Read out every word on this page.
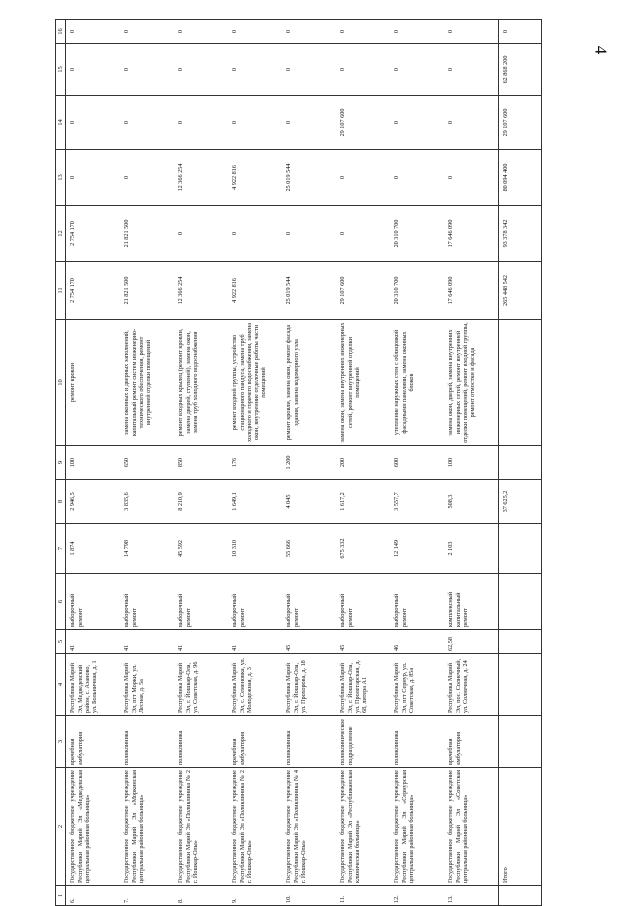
4
1	2	3	4	5	6	7	8	9	10	11	12	13	14	15	16
6.	Государственное бюджетное учреждение Республики Марий Эл «Медведевская центральная районная больница»	врачебная амбулатория	Республика Марий Эл, Медведевский район, с. Азаново, ул. Больничная, д. 1	41	выборочный ремонт	1 874	2 946,5	100	ремонт кровли	2 754 170	2 754 170	0	0	0	0
7.	Государственное бюджетное учреждение Республики Марий Эл «Моркинская центральная районная больница»	поликлиника	Республика Марий Эл, пгт Морки, ул. Лесная, д. 5а	41	выборочный ремонт	14 798	3 835,6	650	замена оконных и дверных заполнений, капитальный ремонт систем инженерно-технического обеспечения, ремонт внутренней отделки помещений	21 821 500	21 821 500	0	0	0	0
8.	Государственное бюджетное учреждение Республики Марий Эл «Поликлиника № 2 г. Йошкар-Олы»	поликлиника	Республика Марий Эл, г. Йошкар-Ола, ул. Советская, д. 96	41	выборочный ремонт	45 592	8 210,9	850	ремонт входных крылец (ремонт кровли, замена дверей, ступеней), замена окон, замена труб холодного водоснабжения	12 366 254	0	12 366 254	0	0	0
9.	Государственное бюджетное учреждение Республики Марий Эл «Поликлиника № 2 г. Йошкар-Олы»	врачебная амбулатория	Республика Марий Эл, с. Семеновка, ул. Молодежная, д. 3	41	выборочный ремонт	10 310	1 649,1	176	ремонт входной группы, устройство стационарного пандуса, замена труб холодного и горячего водоснабжения, замена окон, внутренние отделочные работы части помещений	4 922 816	0	4 922 816	0	0	0
10.	Государственное бюджетное учреждение Республики Марий Эл «Поликлиника № 4 г. Йошкар-Олы»	поликлиника	Республика Марий Эл, г. Йошкар-Ола, ул. Прохорова, д. 18	45	выборочный ремонт	55 666	4 045	1 200	ремонт кровли, замена окон, ремонт фасада здания, замена водомерного узла	25 019 544	0	25 019 544	0	0	0
11.	Государственное бюджетное учреждение Республики Марий Эл «Республиканская клиническая больница»	поликлиническое подразделение	Республика Марий Эл, г. Йошкар-Ола, ул. Пролетарская, д. 68, литера А1	45	выборочный ремонт	675 332	1 617,2	200	замена окон, замена внутренних инженерных сетей, ремонт внутренней отделки помещений	29 107 600	0	0	29 107 600	0	0
12.	Государственное бюджетное учреждение Республики Марий Эл «Сернурская центральная районная больница»	поликлиника	Республика Марий Эл, пгт Сернур, ул. Советская, д. 85а	46	выборочный ремонт	12 149	3 557,7	600	утепление наружных стен с облицовкой фасадными панелями, замена оконных блоков	20 310 700	20 310 700	0	0	0	0
13.	Государственное бюджетное учреждение Республики Марий Эл «Советская центральная районная больница»	врачебная амбулатория	Республика Марий Эл, пос. Солнечный, ул. Солнечная, д. 24	62,58	комплексный капитальный ремонт	2 103	508,3	100	замена окон, дверей, замена внутренних инженерных сетей, ремонт внутренней отделки помещений, ремонт входной группы, ремонт отмостки и фасада	17 646 090	17 646 090	0	0	0	0
	Итого						37 625,2			265 448 542	93 378 342	80 094 400	29 107 600	62 868 200	0
